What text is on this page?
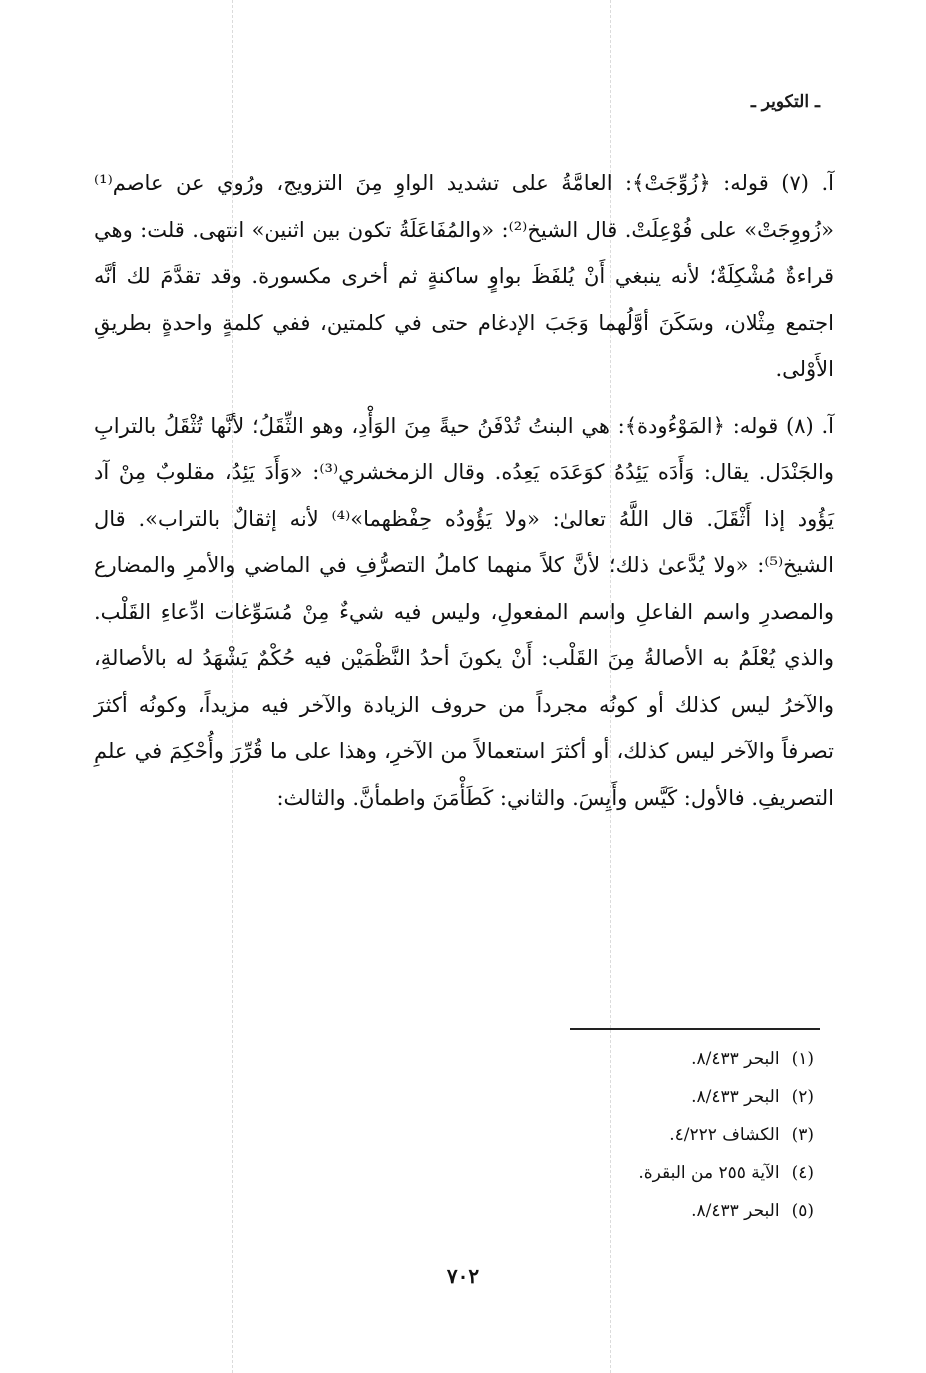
ـ التكوير ـ

آ. (٧) قوله: ﴿زُوِّجَتْ﴾: العامَّةُ على تشديد الواوِ مِنَ التزويج، ورُوي عن عاصم⁽¹⁾ «زُووِجَتْ» على فُوْعِلَتْ. قال الشيخ⁽²⁾: «والمُفَاعَلَةُ تكون بين اثنين» انتهى. قلت: وهي قراءةٌ مُشْكِلَةٌ؛ لأنه ينبغي أَنْ يُلفَظَ بواوٍ ساكنةٍ ثم أخرى مكسورة. وقد تقدَّمَ لك أنَّه اجتمع مِثْلان، وسَكَنَ أوَّلُهما وَجَبَ الإدغام حتى في كلمتين، ففي كلمةٍ واحدةٍ بطريقِ الأَوْلى.

آ. (٨) قوله: ﴿المَوْءُودة﴾: هي البنتُ تُدْفَنُ حيةً مِنَ الوَأْدِ، وهو الثِّقَلُ؛ لأنَّها تُثْقَلُ بالترابِ والجَنْدَل. يقال: وَأَدَه يَئِدُهُ كوَعَدَه يَعِدُه. وقال الزمخشري⁽³⁾: «وَأَدَ يَئِدُ، مقلوبٌ مِنْ آد يَؤُود إذا أَثْقَلَ. قال اللَّهُ تعالىٰ: «ولا يَؤُودُه حِفْظهما»⁽⁴⁾ لأنه إثقالٌ بالتراب». قال الشيخ⁽⁵⁾: «ولا يُدَّعىٰ ذلك؛ لأنَّ كلاً منهما كاملُ التصرُّفِ في الماضي والأمرِ والمضارع والمصدرِ واسم الفاعلِ واسم المفعولِ، وليس فيه شيءٌ مِنْ مُسَوِّغات ادِّعاءِ القَلْب. والذي يُعْلَمُ به الأصالةُ مِنَ القَلْب: أَنْ يكونَ أحدُ النَّظْمَيْن فيه حُكْمٌ يَشْهَدُ له بالأصالةِ، والآخرُ ليس كذلك أو كونُه مجرداً من حروف الزيادة والآخر فيه مزيداً، وكونُه أكثرَ تصرفاً والآخر ليس كذلك، أو أكثرَ استعمالاً من الآخرِ، وهذا على ما قُرِّرَ وأُحْكِمَ في علمِ التصريفِ. فالأول: كَيَّس وأَيِسَ. والثاني: كَطَأْمَنَ واطمأنَّ. والثالث:

(١)البحر ٨/٤٣٣.
(٢)البحر ٨/٤٣٣.
(٣)الكشاف ٤/٢٢٢.
(٤)الآية ٢٥٥ من البقرة.
(٥)البحر ٨/٤٣٣.
٧٠٢
